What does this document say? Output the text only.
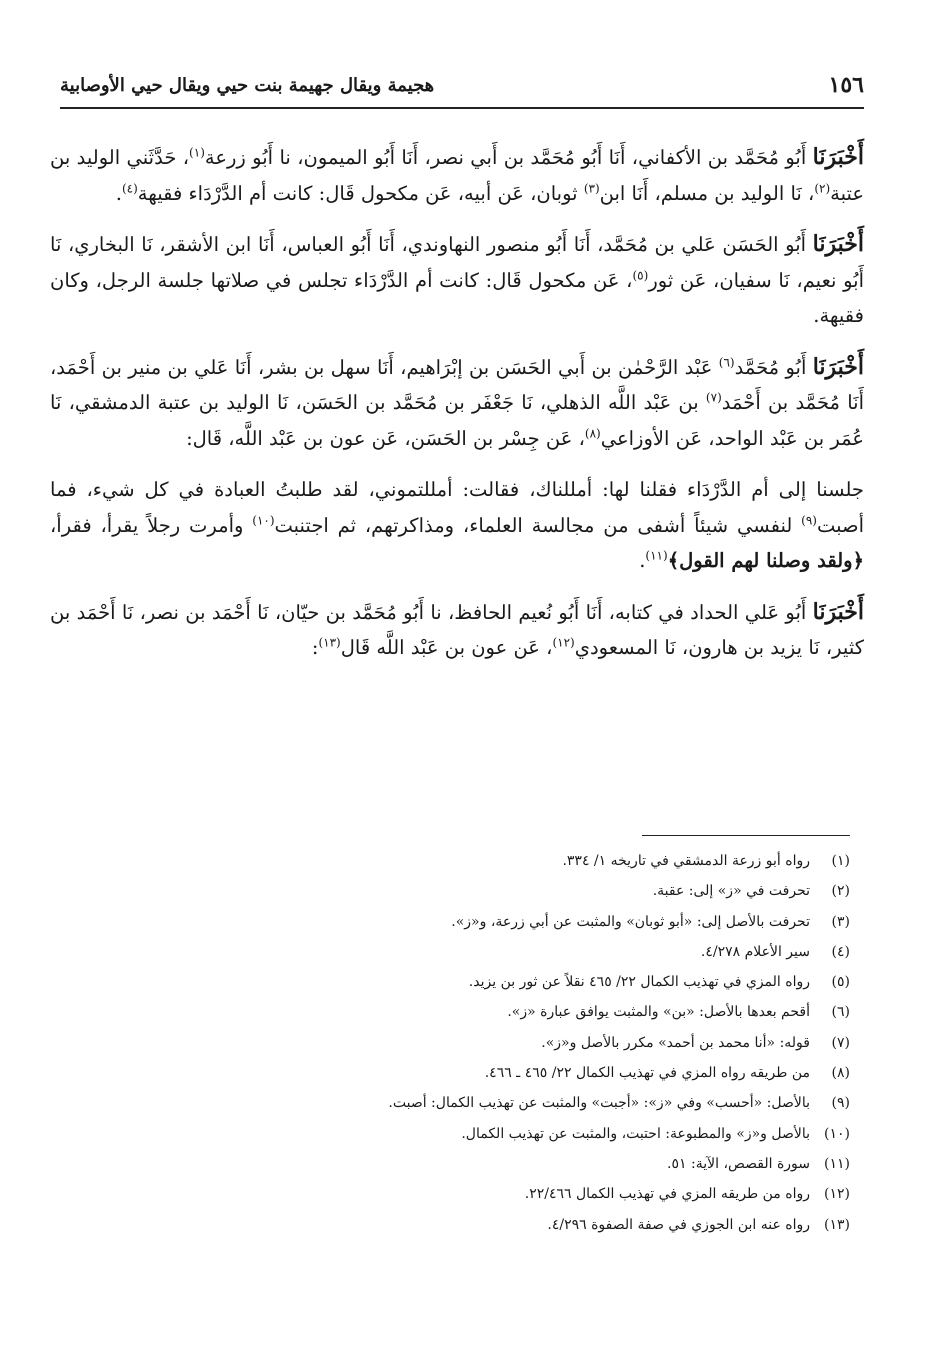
١٥٦
هجيمة ويقال جهيمة بنت حيي ويقال حيي الأوصابية

أَخْبَرَنَا أَبُو مُحَمَّد بن الأكفاني، أَنَا أَبُو مُحَمَّد بن أَبي نصر، أَنَا أَبُو الميمون، نا أَبُو زرعة$^{(١)}$، حَدَّثَني الوليد بن عتبة$^{(٢)}$، نَا الوليد بن مسلم، أَنَا ابن$^{(٣)}$ ثوبان، عَن أبيه، عَن مكحول قَال: كانت أم الدَّرْدَاء فقيهة$^{(٤)}$.

أَخْبَرَنَا أَبُو الحَسَن عَلي بن مُحَمَّد، أَنَا أَبُو منصور النهاوندي، أَنَا أَبُو العباس، أَنَا ابن الأشقر، نَا البخاري، نَا أَبُو نعيم، نَا سفيان، عَن ثور$^{(٥)}$، عَن مكحول قَال: كانت أم الدَّرْدَاء تجلس في صلاتها جلسة الرجل، وكان فقيهة.

أَخْبَرَنَا أَبُو مُحَمَّد$^{(٦)}$ عَبْد الرَّحْمٰن بن أَبي الحَسَن بن إبْرَاهيم، أَنَا سهل بن بشر، أَنَا عَلي بن منير بن أَحْمَد، أَنَا مُحَمَّد بن أَحْمَد$^{(٧)}$ بن عَبْد اللَّه الذهلي، نَا جَعْفَر بن مُحَمَّد بن الحَسَن، نَا الوليد بن عتبة الدمشقي، نَا عُمَر بن عَبْد الواحد، عَن الأوزاعي$^{(٨)}$، عَن جِسْر بن الحَسَن، عَن عون بن عَبْد اللَّه، قَال:

جلسنا إلى أم الدَّرْدَاء فقلنا لها: أمللناك، فقالت: أمللتموني، لقد طلبتُ العبادة في كل شيء، فما أصبت$^{(٩)}$ لنفسي شيئاً أشفى من مجالسة العلماء، ومذاكرتهم، ثم اجتنبت$^{(١٠)}$ وأمرت رجلاً يقرأ، فقرأ، ﴿ولقد وصلنا لهم القول﴾$^{(١١)}$.

أَخْبَرَنَا أَبُو عَلي الحداد في كتابه، أَنَا أَبُو نُعيم الحافظ، نا أَبُو مُحَمَّد بن حيّان، نَا أَحْمَد بن نصر، نَا أَحْمَد بن كثير، نَا يزيد بن هارون، نَا المسعودي$^{(١٢)}$، عَن عون بن عَبْد اللَّه قَال$^{(١٣)}$:

(١)
رواه أبو زرعة الدمشقي في تاريخه ١/ ٣٣٤.
(٢)
تحرفت في «ز» إلى: عقبة.
(٣)
تحرفت بالأصل إلى: «أبو ثوبان» والمثبت عن أبي زرعة، و«ز».
(٤)
سير الأعلام ٤/٢٧٨.
(٥)
رواه المزي في تهذيب الكمال ٢٢/ ٤٦٥ نقلاً عن ثور بن يزيد.
(٦)
أقحم بعدها بالأصل: «بن» والمثبت يوافق عبارة «ز».
(٧)
قوله: «أنا محمد بن أحمد» مكرر بالأصل و«ز».
(٨)
من طريقه رواه المزي في تهذيب الكمال ٢٢/ ٤٦٥ ـ ٤٦٦.
(٩)
بالأصل: «أحسب» وفي «ز»: «أجبت» والمثبت عن تهذيب الكمال: أصبت.
(١٠)
بالأصل و«ز» والمطبوعة: احتبت، والمثبت عن تهذيب الكمال.
(١١)
سورة القصص، الآية: ٥١.
(١٢)
رواه من طريقه المزي في تهذيب الكمال ٢٢/٤٦٦.
(١٣)
رواه عنه ابن الجوزي في صفة الصفوة ٤/٢٩٦.
